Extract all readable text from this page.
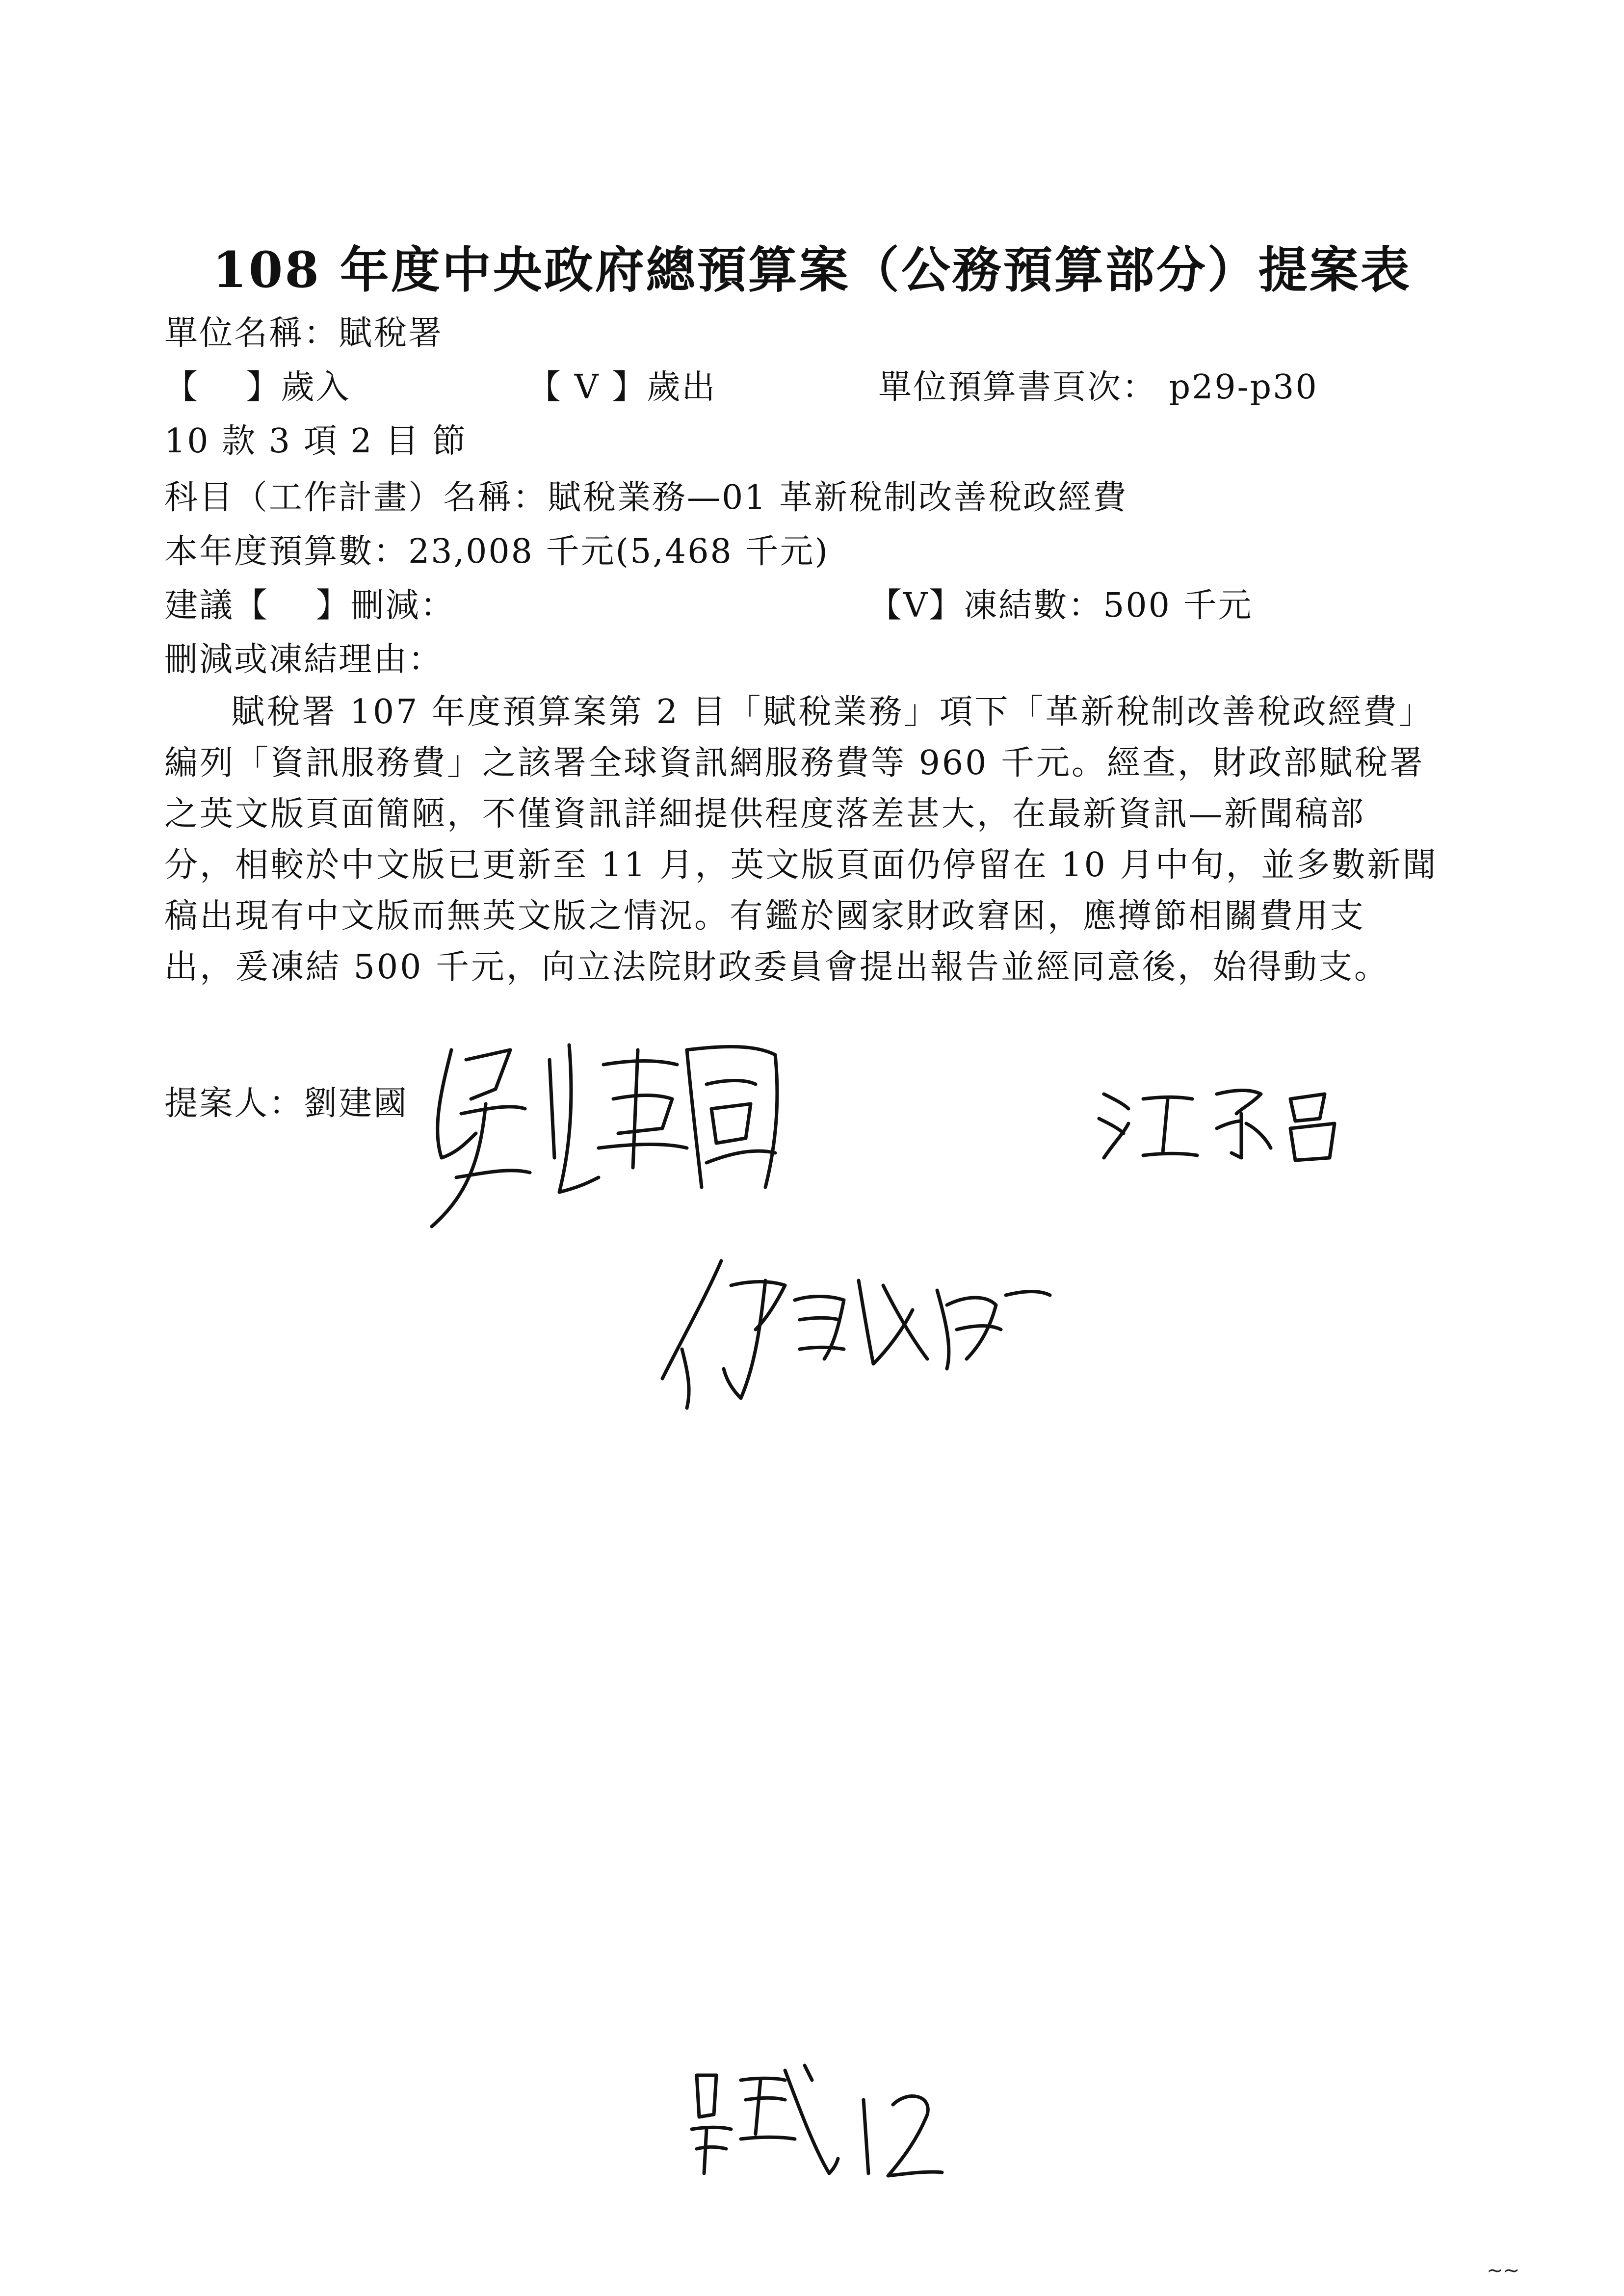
108 年度中央政府總預算案（公務預算部分）提案表
單位名稱：賦稅署
【　 】歲入	【 V 】歲出	單位預算書頁次： p29-p30
10 款 3 項 2 目 節
科目（工作計畫）名稱：賦稅業務—01 革新稅制改善稅政經費
本年度預算數：23,008 千元(5,468 千元)
建議【　 】刪減：	【V】凍結數：500 千元
刪減或凍結理由：
賦稅署 107 年度預算案第 2 目「賦稅業務」項下「革新稅制改善稅政經費」
編列「資訊服務費」之該署全球資訊網服務費等 960 千元。經查，財政部賦稅署
之英文版頁面簡陋，不僅資訊詳細提供程度落差甚大，在最新資訊—新聞稿部
分，相較於中文版已更新至 11 月，英文版頁面仍停留在 10 月中旬，並多數新聞
稿出現有中文版而無英文版之情況。有鑑於國家財政窘困，應撙節相關費用支
出，爰凍結 500 千元，向立法院財政委員會提出報告並經同意後，始得動支。
提案人：劉建國
賦 12
~~
